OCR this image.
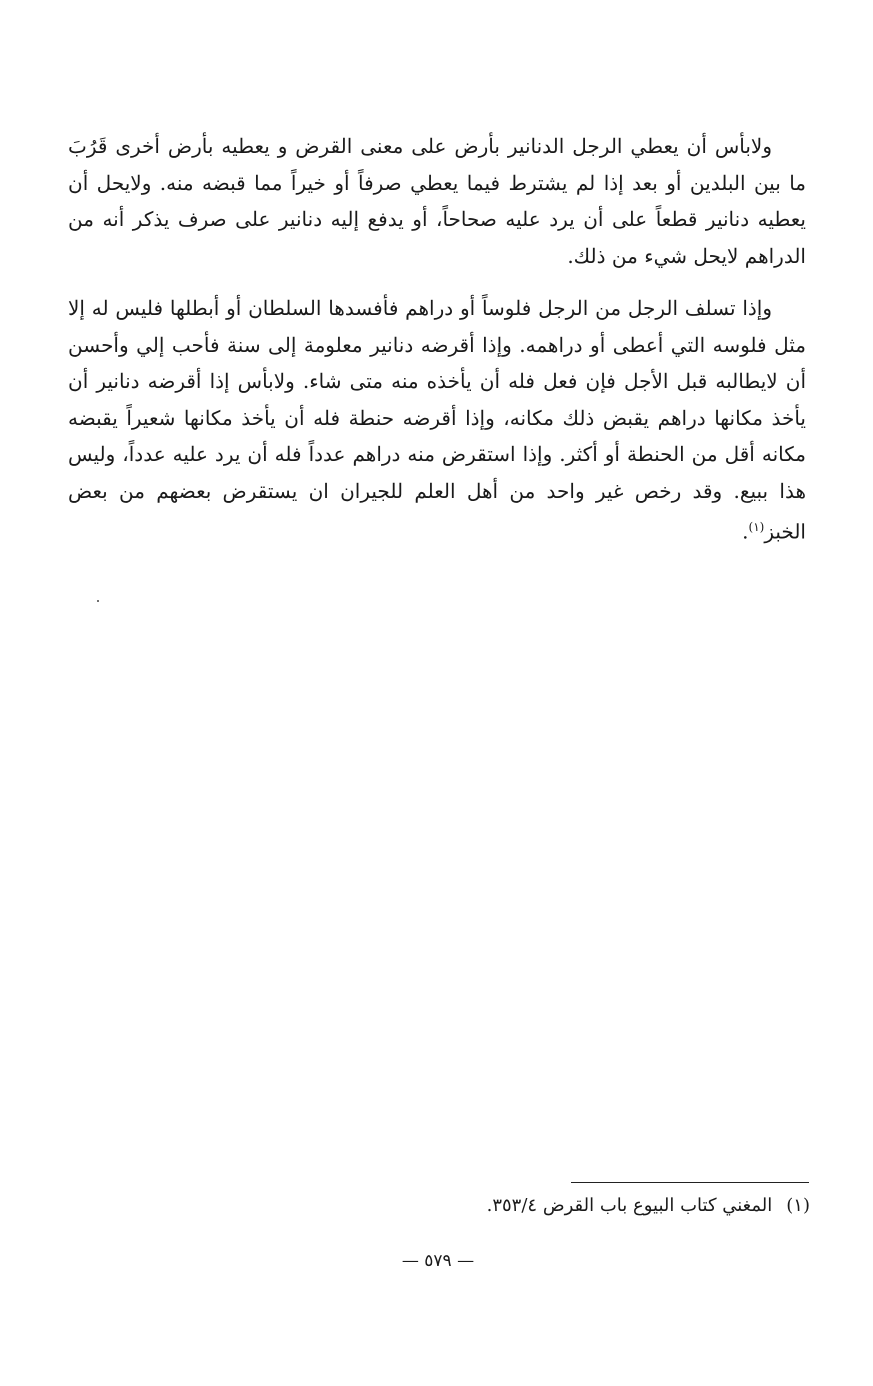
ولابأس أن يعطي الرجل الدنانير بأرض على معنى القرض و يعطيه بأرض أخرى قَرُبَ ما بين البلدين أو بعد إذا لم يشترط فيما يعطي صرفاً أو خيراً مما قبضه منه. ولايحل أن يعطيه دنانير قطعاً على أن يرد عليه صحاحاً، أو يدفع إليه دنانير على صرف يذكر أنه من الدراهم لايحل شيء من ذلك.

وإذا تسلف الرجل من الرجل فلوساً أو دراهم فأفسدها السلطان أو أبطلها فليس له إلا مثل فلوسه التي أعطى أو دراهمه. وإذا أقرضه دنانير معلومة إلى سنة فأحب إلي وأحسن أن لايطالبه قبل الأجل فإن فعل فله أن يأخذه منه متى شاء. ولابأس إذا أقرضه دنانير أن يأخذ مكانها دراهم يقبض ذلك مكانه، وإذا أقرضه حنطة فله أن يأخذ مكانها شعيراً يقبضه مكانه أقل من الحنطة أو أكثر. وإذا استقرض منه دراهم عدداً فله أن يرد عليه عدداً، وليس هذا ببيع. وقد رخص غير واحد من أهل العلم للجيران ان يستقرض بعضهم من بعض الخبز$^{(١)}$.

(١)المغني كتاب البيوع باب القرض ٣٥٣/٤.
— ٥٧٩ —
